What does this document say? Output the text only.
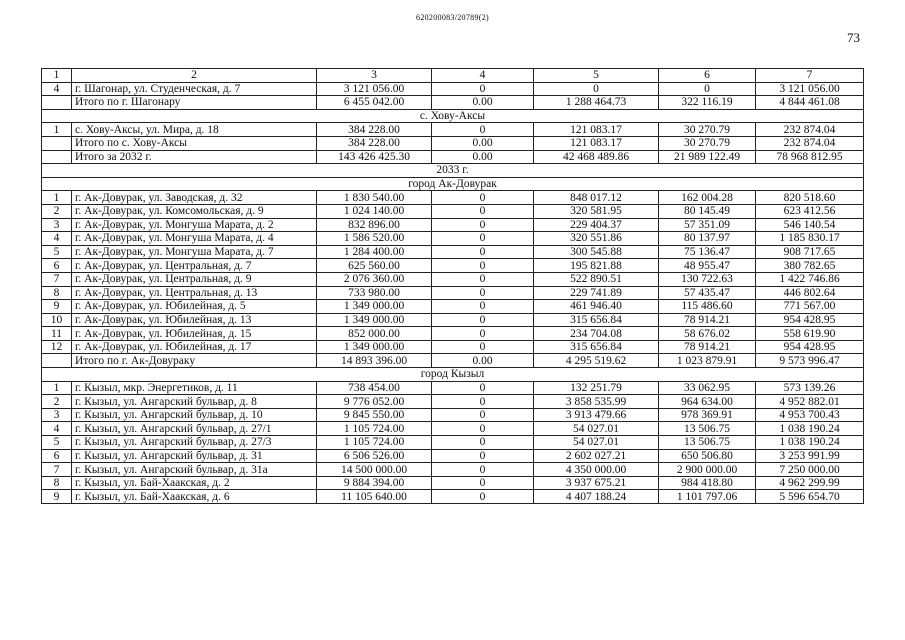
620200083/20789(2)
73
1	2	3	4	5	6	7
4	г. Шагонар, ул. Студенческая, д. 7	3 121 056.00	0	0	0	3 121 056.00
	Итого по г. Шагонару	6 455 042.00	0.00	1 288 464.73	322 116.19	4 844 461.08
с. Хову-Аксы						
1	с. Хову-Аксы, ул. Мира, д. 18	384 228.00	0	121 083.17	30 270.79	232 874.04
	Итого по с. Хову-Аксы	384 228.00	0.00	121 083.17	30 270.79	232 874.04
	Итого за 2032 г.	143 426 425.30	0.00	42 468 489.86	21 989 122.49	78 968 812.95
2033 г.						
город Ак-Довурак						
1	г. Ак-Довурак, ул. Заводская, д. 32	1 830 540.00	0	848 017.12	162 004.28	820 518.60
2	г. Ак-Довурак, ул. Комсомольская, д. 9	1 024 140.00	0	320 581.95	80 145.49	623 412.56
3	г. Ак-Довурак, ул. Монгуша Марата, д. 2	832 896.00	0	229 404.37	57 351.09	546 140.54
4	г. Ак-Довурак, ул. Монгуша Марата, д. 4	1 586 520.00	0	320 551.86	80 137.97	1 185 830.17
5	г. Ак-Довурак, ул. Монгуша Марата, д. 7	1 284 400.00	0	300 545.88	75 136.47	908 717.65
6	г. Ак-Довурак, ул. Центральная, д. 7	625 560.00	0	195 821.88	48 955.47	380 782.65
7	г. Ак-Довурак, ул. Центральная, д. 9	2 076 360.00	0	522 890.51	130 722.63	1 422 746.86
8	г. Ак-Довурак, ул. Центральная, д. 13	733 980.00	0	229 741.89	57 435.47	446 802.64
9	г. Ак-Довурак, ул. Юбилейная, д. 5	1 349 000.00	0	461 946.40	115 486.60	771 567.00
10	г. Ак-Довурак, ул. Юбилейная, д. 13	1 349 000.00	0	315 656.84	78 914.21	954 428.95
11	г. Ак-Довурак, ул. Юбилейная, д. 15	852 000.00	0	234 704.08	58 676.02	558 619.90
12	г. Ак-Довурак, ул. Юбилейная, д. 17	1 349 000.00	0	315 656.84	78 914.21	954 428.95
	Итого по г. Ак-Довураку	14 893 396.00	0.00	4 295 519.62	1 023 879.91	9 573 996.47
город Кызыл						
1	г. Кызыл, мкр. Энергетиков, д. 11	738 454.00	0	132 251.79	33 062.95	573 139.26
2	г. Кызыл, ул. Ангарский бульвар, д. 8	9 776 052.00	0	3 858 535.99	964 634.00	4 952 882.01
3	г. Кызыл, ул. Ангарский бульвар, д. 10	9 845 550.00	0	3 913 479.66	978 369.91	4 953 700.43
4	г. Кызыл, ул. Ангарский бульвар, д. 27/1	1 105 724.00	0	54 027.01	13 506.75	1 038 190.24
5	г. Кызыл, ул. Ангарский бульвар, д. 27/3	1 105 724.00	0	54 027.01	13 506.75	1 038 190.24
6	г. Кызыл, ул. Ангарский бульвар, д. 31	6 506 526.00	0	2 602 027.21	650 506.80	3 253 991.99
7	г. Кызыл, ул. Ангарский бульвар, д. 31а	14 500 000.00	0	4 350 000.00	2 900 000.00	7 250 000.00
8	г. Кызыл, ул. Бай-Хаакская, д. 2	9 884 394.00	0	3 937 675.21	984 418.80	4 962 299.99
9	г. Кызыл, ул. Бай-Хаакская, д. 6	11 105 640.00	0	4 407 188.24	1 101 797.06	5 596 654.70
